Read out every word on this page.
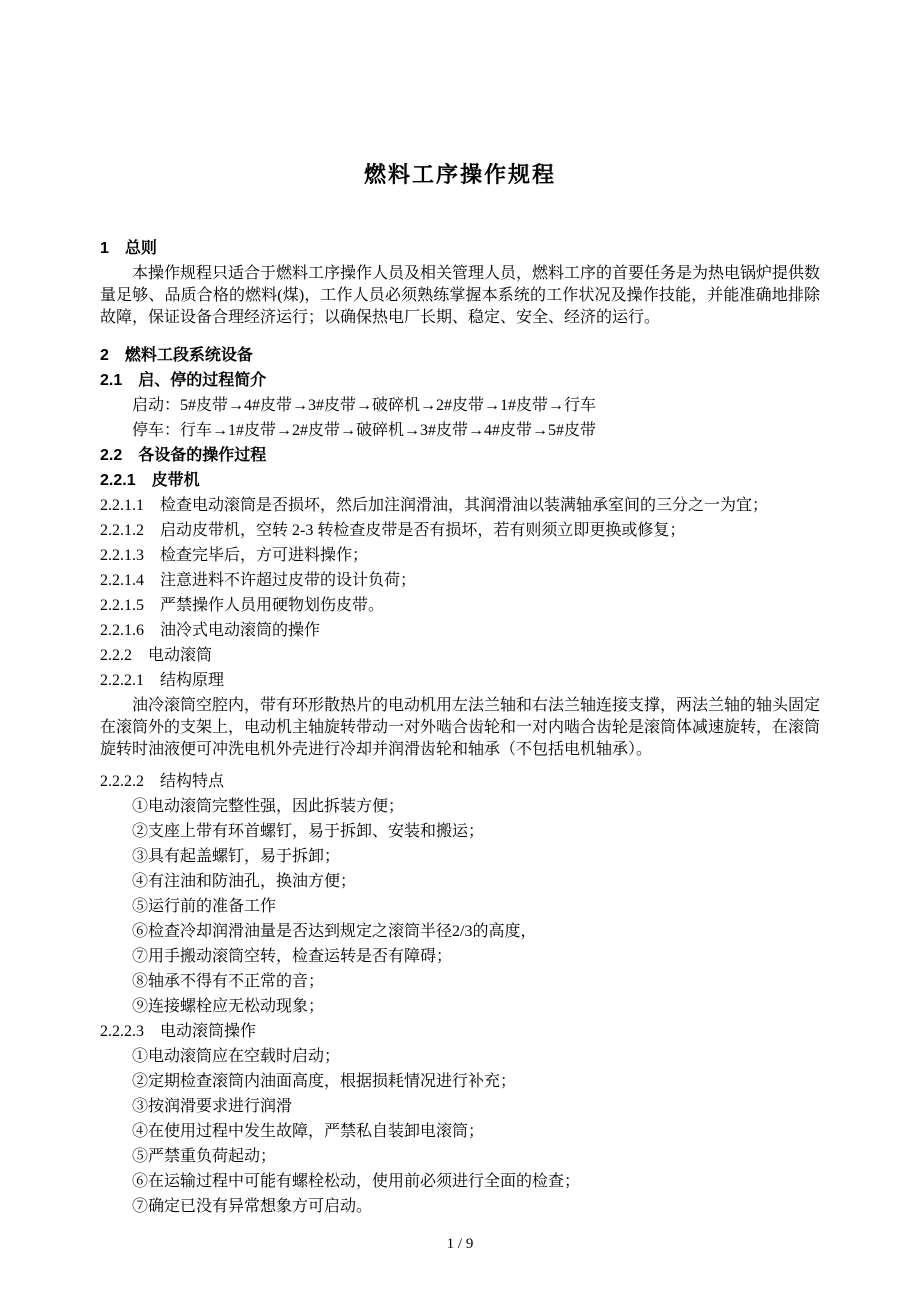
燃料工序操作规程
1　总则

本操作规程只适合于燃料工序操作人员及相关管理人员，燃料工序的首要任务是为热电锅炉提供数量足够、品质合格的燃料(煤)，工作人员必须熟练掌握本系统的工作状况及操作技能，并能准确地排除故障，保证设备合理经济运行；以确保热电厂长期、稳定、安全、经济的运行。

2　燃料工段系统设备
2.1　启、停的过程简介
启动：5#皮带→4#皮带→3#皮带→破碎机→2#皮带→1#皮带→行车
停车：行车→1#皮带→2#皮带→破碎机→3#皮带→4#皮带→5#皮带
2.2　各设备的操作过程
2.2.1　皮带机
2.2.1.1　检查电动滚筒是否损坏，然后加注润滑油，其润滑油以装满轴承室间的三分之一为宜；
2.2.1.2　启动皮带机，空转 2-3 转检查皮带是否有损坏，若有则须立即更换或修复；
2.2.1.3　检查完毕后，方可进料操作；
2.2.1.4　注意进料不许超过皮带的设计负荷；
2.2.1.5　严禁操作人员用硬物划伤皮带。
2.2.1.6　油冷式电动滚筒的操作
2.2.2　电动滚筒
2.2.2.1　结构原理

油冷滚筒空腔内，带有环形散热片的电动机用左法兰轴和右法兰轴连接支撑，两法兰轴的轴头固定在滚筒外的支架上，电动机主轴旋转带动一对外啮合齿轮和一对内啮合齿轮是滚筒体减速旋转，在滚筒旋转时油液便可冲洗电机外壳进行冷却并润滑齿轮和轴承（不包括电机轴承）。

2.2.2.2　结构特点
①电动滚筒完整性强，因此拆装方便；
②支座上带有环首螺钉，易于拆卸、安装和搬运；
③具有起盖螺钉，易于拆卸；
④有注油和防油孔，换油方便；
⑤运行前的准备工作
⑥检查冷却润滑油量是否达到规定之滚筒半径2/3的高度，
⑦用手搬动滚筒空转，检查运转是否有障碍；
⑧轴承不得有不正常的音；
⑨连接螺栓应无松动现象；
2.2.2.3　电动滚筒操作
①电动滚筒应在空载时启动；
②定期检查滚筒内油面高度，根据损耗情况进行补充；
③按润滑要求进行润滑
④在使用过程中发生故障，严禁私自装卸电滚筒；
⑤严禁重负荷起动；
⑥在运输过程中可能有螺栓松动，使用前必须进行全面的检查；
⑦确定已没有异常想象方可启动。
1 / 9
